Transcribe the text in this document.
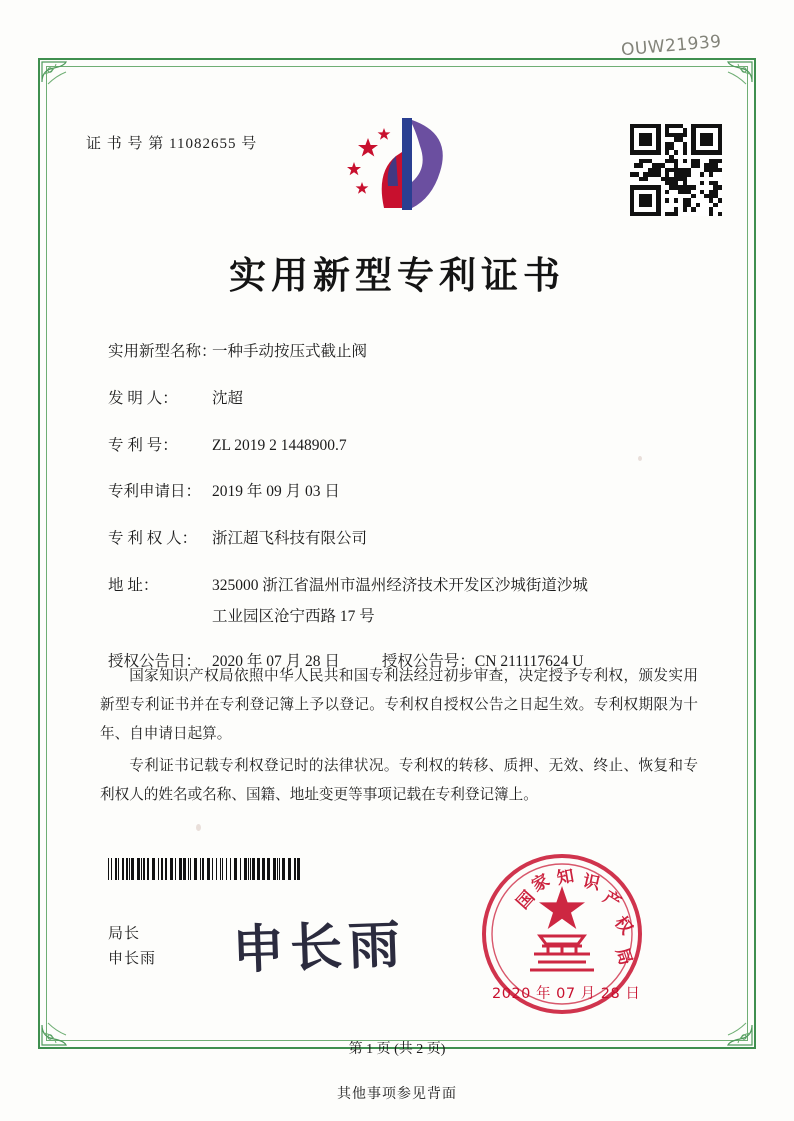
OUW21939
证 书 号 第 11082655 号
实用新型专利证书
实用新型名称：
一种手动按压式截止阀
发 明 人：	沈超
专 利 号：	ZL 2019 2 1448900.7
专利申请日： 2019 年 09 月 03 日
专 利 权 人： 浙江超飞科技有限公司
地 址：	325000 浙江省温州市温州经济技术开发区沙城街道沙城
工业园区沧宁西路 17 号
授权公告日： 2020 年 07 月 28 日	授权公告号： CN 211117624 U

国家知识产权局依照中华人民共和国专利法经过初步审查，决定授予专利权，颁发实用新型专利证书并在专利登记簿上予以登记。专利权自授权公告之日起生效。专利权期限为十年、自申请日起算。

专利证书记载专利权登记时的法律状况。专利权的转移、质押、无效、终止、恢复和专利权人的姓名或名称、国籍、地址变更等事项记载在专利登记簿上。

局长
申长雨 申长雨
国
家 知 识
产
权
局
2020 年 07 月 28 日
第 1 页 (共 2 页)
其他事项参见背面
